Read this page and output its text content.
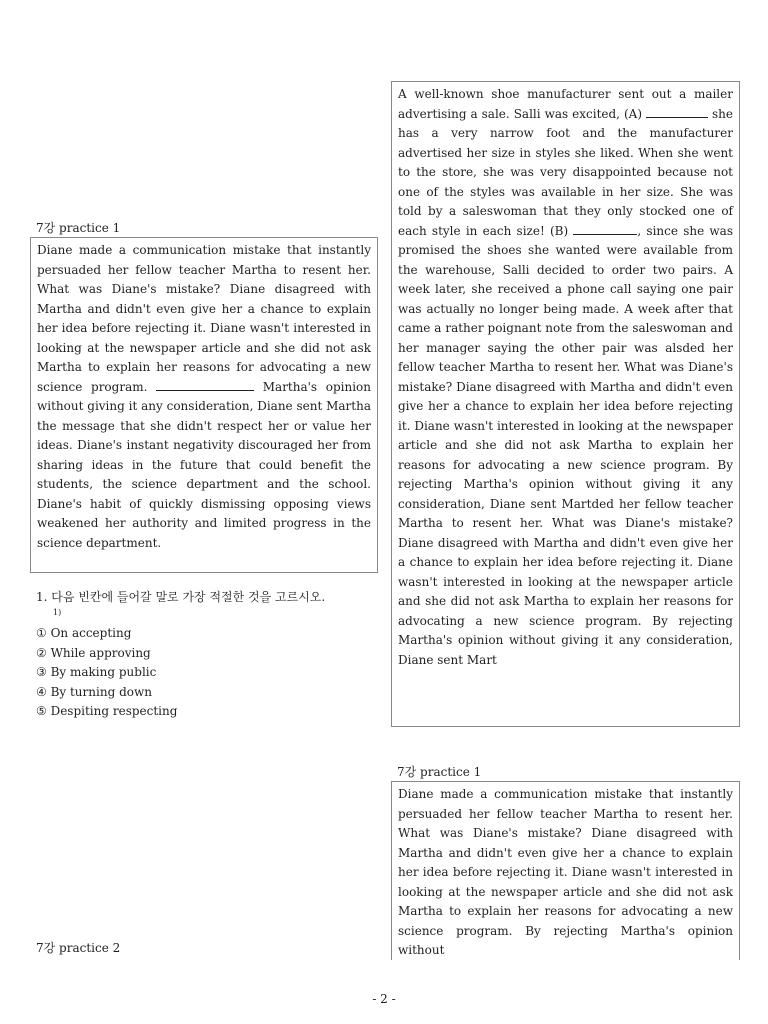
7강 practice 1

Diane made a communication mistake that instantly persuaded her fellow teacher Martha to resent her. What was Diane's mistake? Diane disagreed with Martha and didn't even give her a chance to explain her idea before rejecting it. Diane wasn't interested in looking at the newspaper article and she did not ask Martha to explain her reasons for advocating a new science program.	Martha's opinion without giving it any consideration, Diane sent Martha the message that she didn't respect her or value her ideas. Diane's instant negativity discouraged her from sharing ideas in the future that could benefit the students, the science department and the school. Diane's habit of quickly dismissing opposing views weakened her authority and limited progress in the science department.

1. 다음 빈칸에 들어갈 말로 가장 적절한 것을 고르시오.
1)
① On accepting
② While approving
③ By making public
④ By turning down
⑤ Despiting respecting
7강 practice 2

A well-known shoe manufacturer sent out a mailer advertising a sale. Salli was excited, (A)	she has a very narrow foot and the manufacturer advertised her size in styles she liked. When she went to the store, she was very disappointed because not one of the styles was available in her size. She was told by a saleswoman that they only stocked one of each style in each size! (B)	, since she was promised the shoes she wanted were available from the warehouse, Salli decided to order two pairs. A week later, she received a phone call saying one pair was actually no longer being made. A week after that came a rather poignant note from the saleswoman and her manager saying the other pair was alsded her fellow teacher Martha to resent her. What was Diane's mistake? Diane disagreed with Martha and didn't even give her a chance to explain her idea before rejecting it. Diane wasn't interested in looking at the newspaper article and she did not ask Martha to explain her reasons for advocating a new science program. By rejecting Martha's opinion without giving it any consideration, Diane sent Martded her fellow teacher Martha to resent her. What was Diane's mistake? Diane disagreed with Martha and didn't even give her a chance to explain her idea before rejecting it. Diane wasn't interested in looking at the newspaper article and she did not ask Martha to explain her reasons for advocating a new science program. By rejecting Martha's opinion without giving it any consideration, Diane sent Mart

7강 practice 1

Diane made a communication mistake that instantly persuaded her fellow teacher Martha to resent her. What was Diane's mistake? Diane disagreed with Martha and didn't even give her a chance to explain her idea before rejecting it. Diane wasn't interested in looking at the newspaper article and she did not ask Martha to explain her reasons for advocating a new science program. By rejecting Martha's opinion without

- 2 -
